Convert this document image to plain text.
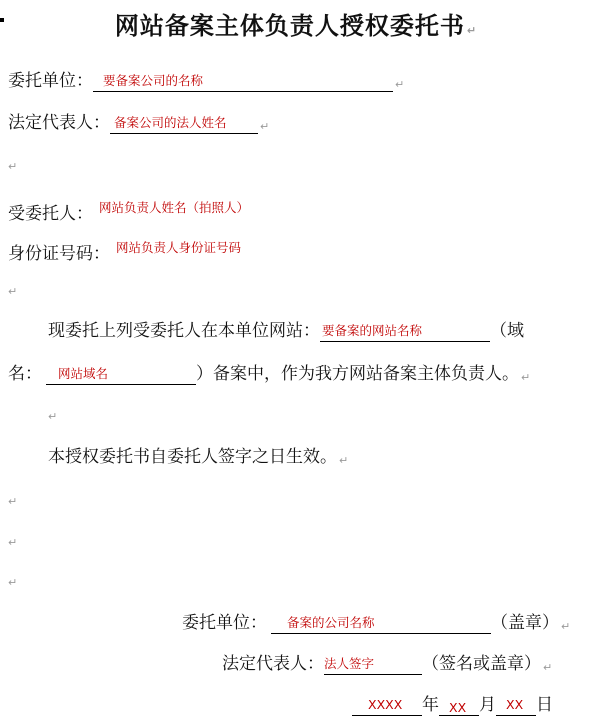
网站备案主体负责人授权委托书 ↵
委托单位： 要备案公司的名称	↵
法定代表人： 备案公司的法人姓名	↵
↵
受委托人： 网站负责人姓名（拍照人）
身份证号码： 网站负责人身份证号码
↵
现委托上列受委托人在本单位网站： 要备案的网站名称	（域
名： 网站域名	）备案中，作为我方网站备案主体负责人。 ↵
↵
本授权委托书自委托人签字之日生效。 ↵
↵
↵
↵
委托单位： 备案的公司名称	（盖章） ↵
法定代表人： 法人签字	（签名或盖章） ↵
XXXX 年 XX 月 XX 日
